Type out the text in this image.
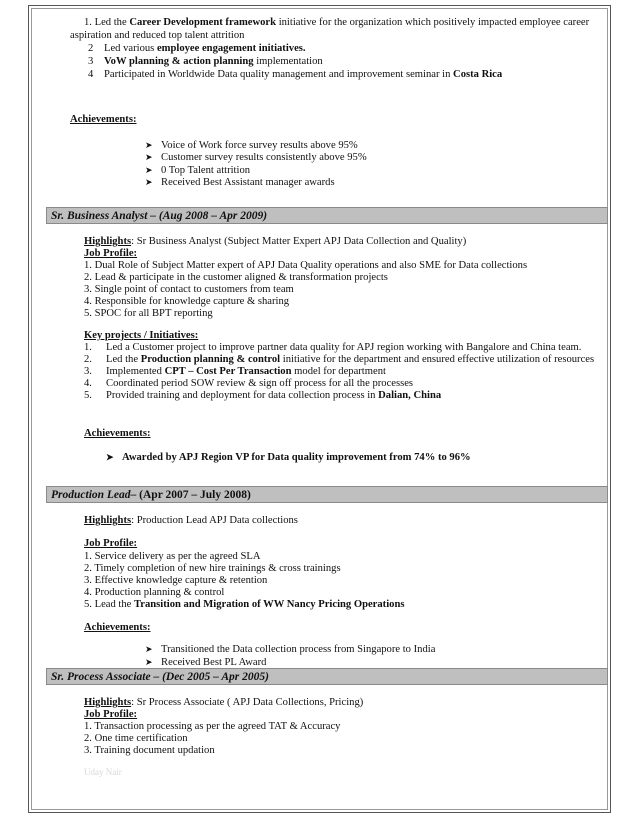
1. Led the Career Development framework initiative for the organization which positively impacted employee career
aspiration and reduced top talent attrition
2 Led various employee engagement initiatives.
3 VoW planning & action planning implementation
4 Participated in Worldwide Data quality management and improvement seminar in Costa Rica
Achievements:
➤ Voice of Work force survey results above 95%
➤ Customer survey results consistently above 95%
➤ 0 Top Talent attrition
➤ Received Best Assistant manager awards
Sr. Business Analyst – (Aug 2008 – Apr 2009)
Highlights: Sr Business Analyst (Subject Matter Expert APJ Data Collection and Quality)
Job Profile:
1. Dual Role of Subject Matter expert of APJ Data Quality operations and also SME for Data collections
2. Lead & participate in the customer aligned & transformation projects
3. Single point of contact to customers from team
4. Responsible for knowledge capture & sharing
5. SPOC for all BPT reporting
Key projects / Initiatives:
1. Led a Customer project to improve partner data quality for APJ region working with Bangalore and China team.
2. Led the Production planning & control initiative for the department and ensured effective utilization of resources
3. Implemented CPT – Cost Per Transaction model for department
4. Coordinated period SOW review & sign off process for all the processes
5. Provided training and deployment for data collection process in Dalian, China
Achievements:
➤ Awarded by APJ Region VP for Data quality improvement from 74% to 96%
Production Lead– (Apr 2007 – July 2008)
Highlights: Production Lead APJ Data collections
Job Profile:
1. Service delivery as per the agreed SLA
2. Timely completion of new hire trainings & cross trainings
3. Effective knowledge capture & retention
4. Production planning & control
5. Lead the Transition and Migration of WW Nancy Pricing Operations
Achievements:
➤ Transitioned the Data collection process from Singapore to India
➤ Received Best PL Award
Sr. Process Associate – (Dec 2005 – Apr 2005)
Highlights: Sr Process Associate ( APJ Data Collections, Pricing)
Job Profile:
1. Transaction processing as per the agreed TAT & Accuracy
2. One time certification
3. Training document updation
Uday Nair
